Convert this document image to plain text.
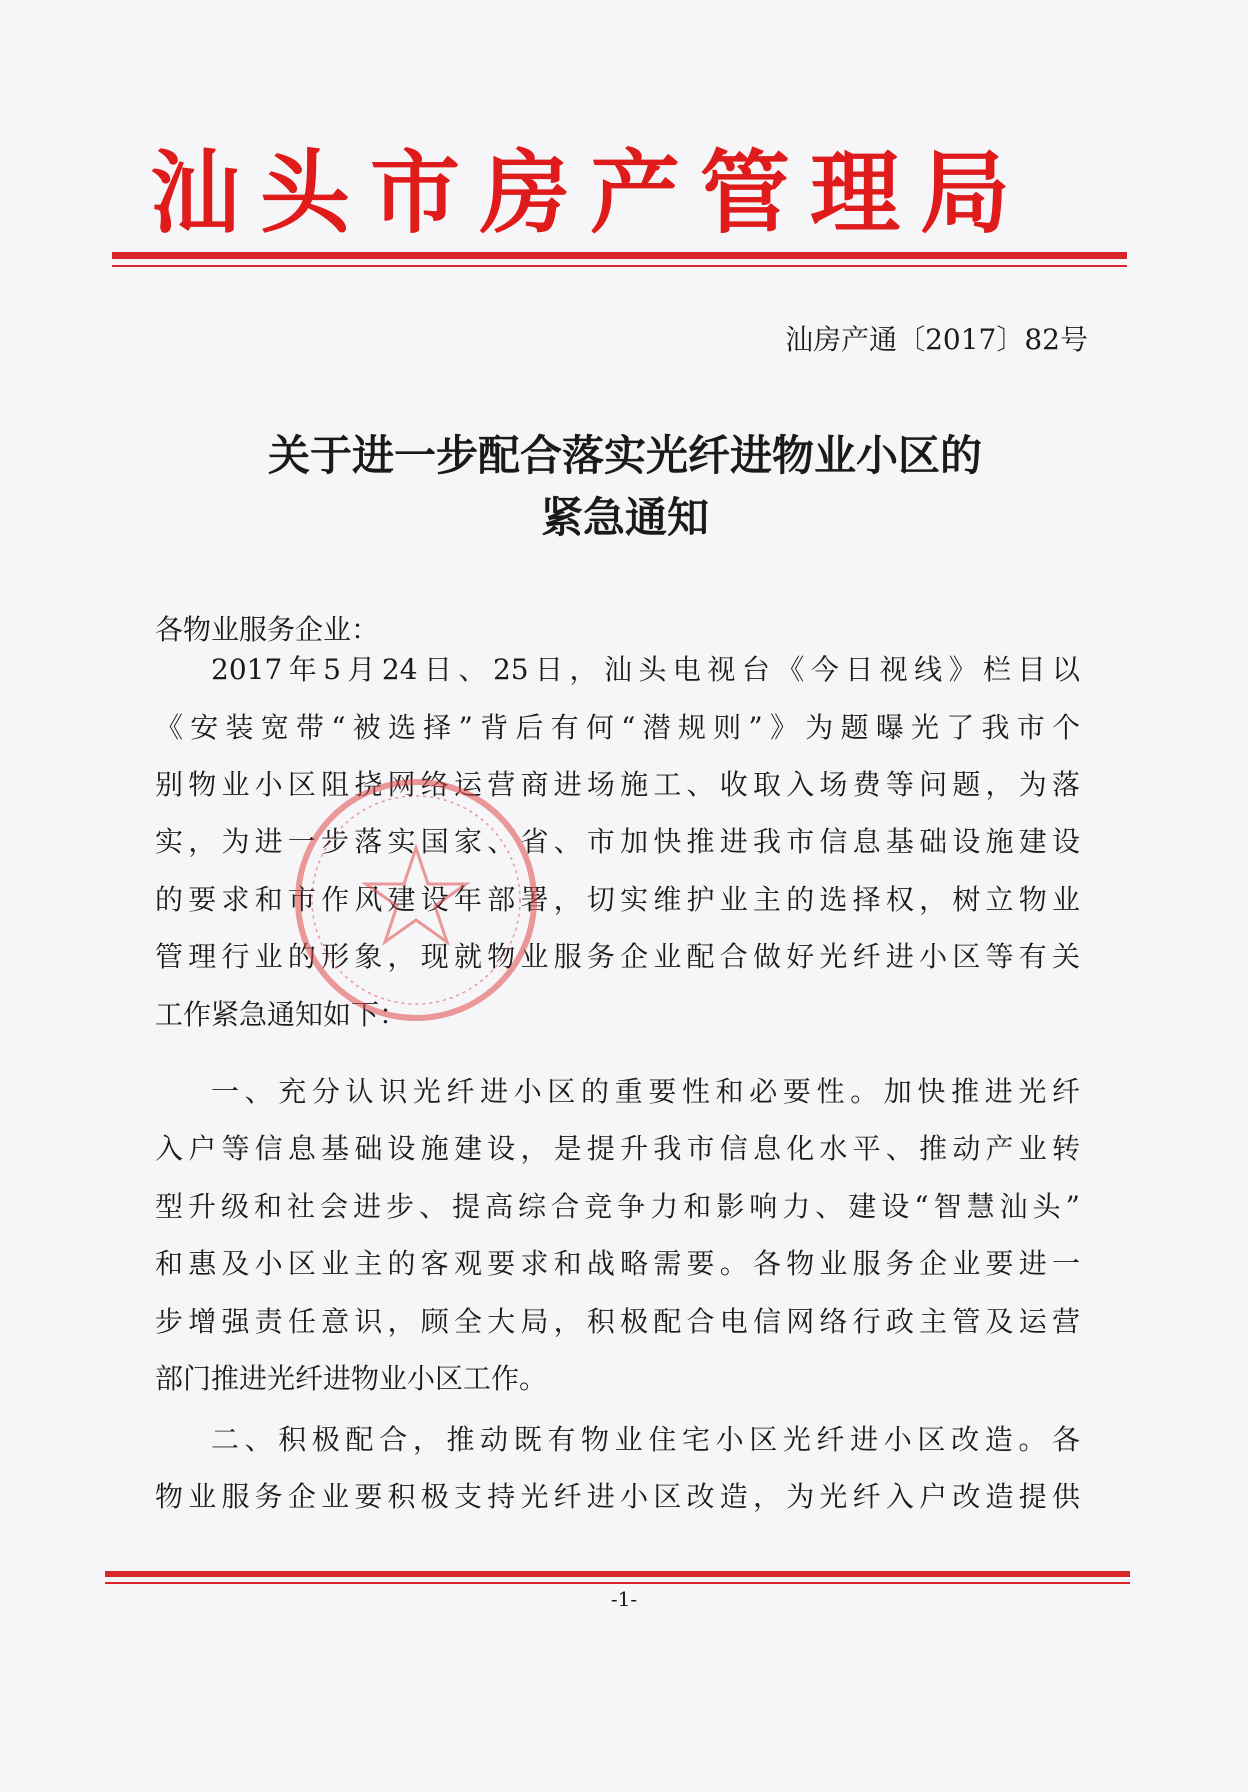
汕头市房产管理局
汕房产通〔2017〕82号
关于进一步配合落实光纤进物业小区的
紧急通知
各物业服务企业：
2017年5月24日、25日，汕头电视台《今日视线》栏目以
《安装宽带“被选择”背后有何“潜规则”》为题曝光了我市个
别物业小区阻挠网络运营商进场施工、收取入场费等问题，为落
实，为进一步落实国家、省、市加快推进我市信息基础设施建设
的要求和市作风建设年部署，切实维护业主的选择权，树立物业
管理行业的形象，现就物业服务企业配合做好光纤进小区等有关
工作紧急通知如下：
一、充分认识光纤进小区的重要性和必要性。加快推进光纤
入户等信息基础设施建设，是提升我市信息化水平、推动产业转
型升级和社会进步、提高综合竞争力和影响力、建设“智慧汕头”
和惠及小区业主的客观要求和战略需要。各物业服务企业要进一
步增强责任意识，顾全大局，积极配合电信网络行政主管及运营
部门推进光纤进物业小区工作。
二、积极配合，推动既有物业住宅小区光纤进小区改造。各
物业服务企业要积极支持光纤进小区改造，为光纤入户改造提供
-1-
